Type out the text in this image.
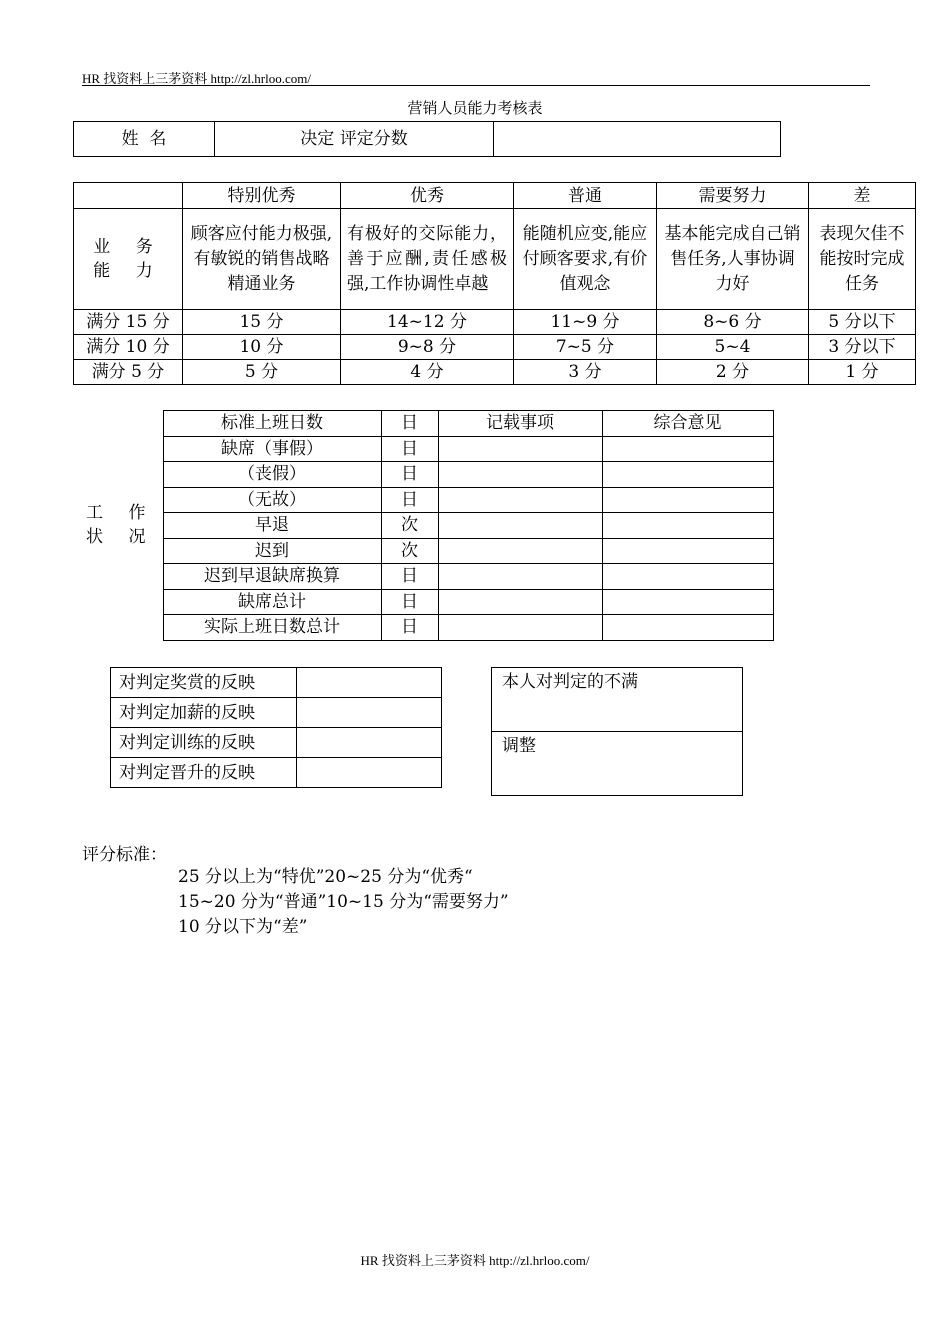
HR 找资料上三茅资料 http://zl.hrloo.com/
营销人员能力考核表
姓  名	决定 评定分数	
	特别优秀	优秀	普通	需要努力	差

业 务
能 力	顾客应付能力极强,有敏锐的销售战略精通业务	有极好的交际能力，善于应酬,责任感极强,工作协调性卓越	能随机应变,能应付顾客要求,有价值观念	基本能完成自己销售任务,人事协调力好	表现欠佳不能按时完成任务
满分 15 分	15 分	14~12 分	11~9 分	8~6 分	5 分以下
满分 10 分	10 分	9~8 分	7~5 分	5~4	3 分以下
满分 5 分	5 分	4 分	3 分	2 分	1 分
工 作
状 况	标准上班日数	日	记载事项	综合意见
	缺席（事假）	日		
	（丧假）	日		
	（无故）	日		
	早退	次		
	迟到	次		
	迟到早退缺席换算	日		
	缺席总计	日		
	实际上班日数总计	日		
对判定奖赏的反映	
对判定加薪的反映	
对判定训练的反映	
对判定晋升的反映	
本人对判定的不满
调整
评分标准：
25 分以上为“特优”20~25 分为“优秀“
15~20 分为“普通”10~15 分为“需要努力”
10 分以下为“差”
HR 找资料上三茅资料 http://zl.hrloo.com/
